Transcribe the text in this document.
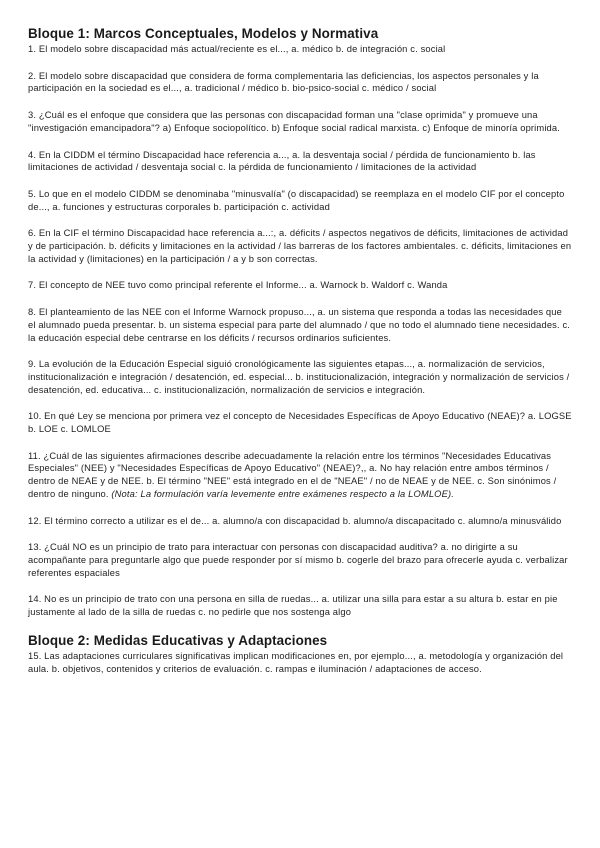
Bloque 1: Marcos Conceptuales, Modelos y Normativa

1. El modelo sobre discapacidad más actual/reciente es el..., a. médico b. de integración c. social

2. El modelo sobre discapacidad que considera de forma complementaria las deficiencias, los aspectos personales y la participación en la sociedad es el..., a. tradicional / médico b. bio-psico-social c. médico / social

3. ¿Cuál es el enfoque que considera que las personas con discapacidad forman una "clase oprimida" y promueve una "investigación emancipadora"? a) Enfoque sociopolítico. b) Enfoque social radical marxista. c) Enfoque de minoría oprimida.

4. En la CIDDM el término Discapacidad hace referencia a..., a. la desventaja social / pérdida de funcionamiento b. las limitaciones de actividad / desventaja social c. la pérdida de funcionamiento / limitaciones de la actividad

5. Lo que en el modelo CIDDM se denominaba "minusvalía" (o discapacidad) se reemplaza en el modelo CIF por el concepto de..., a. funciones y estructuras corporales b. participación c. actividad

6. En la CIF el término Discapacidad hace referencia a...:, a. déficits / aspectos negativos de déficits, limitaciones de actividad y de participación. b. déficits y limitaciones en la actividad / las barreras de los factores ambientales. c. déficits, limitaciones en la actividad y (limitaciones) en la participación / a y b son correctas.

7. El concepto de NEE tuvo como principal referente el Informe... a. Warnock b. Waldorf c. Wanda

8. El planteamiento de las NEE con el Informe Warnock propuso..., a. un sistema que responda a todas las necesidades que el alumnado pueda presentar. b. un sistema especial para parte del alumnado / que no todo el alumnado tiene necesidades. c. la educación especial debe centrarse en los déficits / recursos ordinarios suficientes.

9. La evolución de la Educación Especial siguió cronológicamente las siguientes etapas..., a. normalización de servicios, institucionalización e integración / desatención, ed. especial... b. institucionalización, integración y normalización de servicios / desatención, ed. educativa... c. institucionalización, normalización de servicios e integración.

10. En qué Ley se menciona por primera vez el concepto de Necesidades Específicas de Apoyo Educativo (NEAE)? a. LOGSE b. LOE c. LOMLOE

11. ¿Cuál de las siguientes afirmaciones describe adecuadamente la relación entre los términos "Necesidades Educativas Especiales" (NEE) y "Necesidades Específicas de Apoyo Educativo" (NEAE)?,, a. No hay relación entre ambos términos / dentro de NEAE y de NEE. b. El término "NEE" está integrado en el de "NEAE" / no de NEAE y de NEE. c. Son sinónimos / dentro de ninguno. (Nota: La formulación varía levemente entre exámenes respecto a la LOMLOE).

12. El término correcto a utilizar es el de... a. alumno/a con discapacidad b. alumno/a discapacitado c. alumno/a minusválido

13. ¿Cuál NO es un principio de trato para interactuar con personas con discapacidad auditiva? a. no dirigirte a su acompañante para preguntarle algo que puede responder por sí mismo b. cogerle del brazo para ofrecerle ayuda c. verbalizar referentes espaciales

14. No es un principio de trato con una persona en silla de ruedas... a. utilizar una silla para estar a su altura b. estar en pie justamente al lado de la silla de ruedas c. no pedirle que nos sostenga algo

Bloque 2: Medidas Educativas y Adaptaciones

15. Las adaptaciones curriculares significativas implican modificaciones en, por ejemplo..., a. metodología y organización del aula. b. objetivos, contenidos y criterios de evaluación. c. rampas e iluminación / adaptaciones de acceso.
